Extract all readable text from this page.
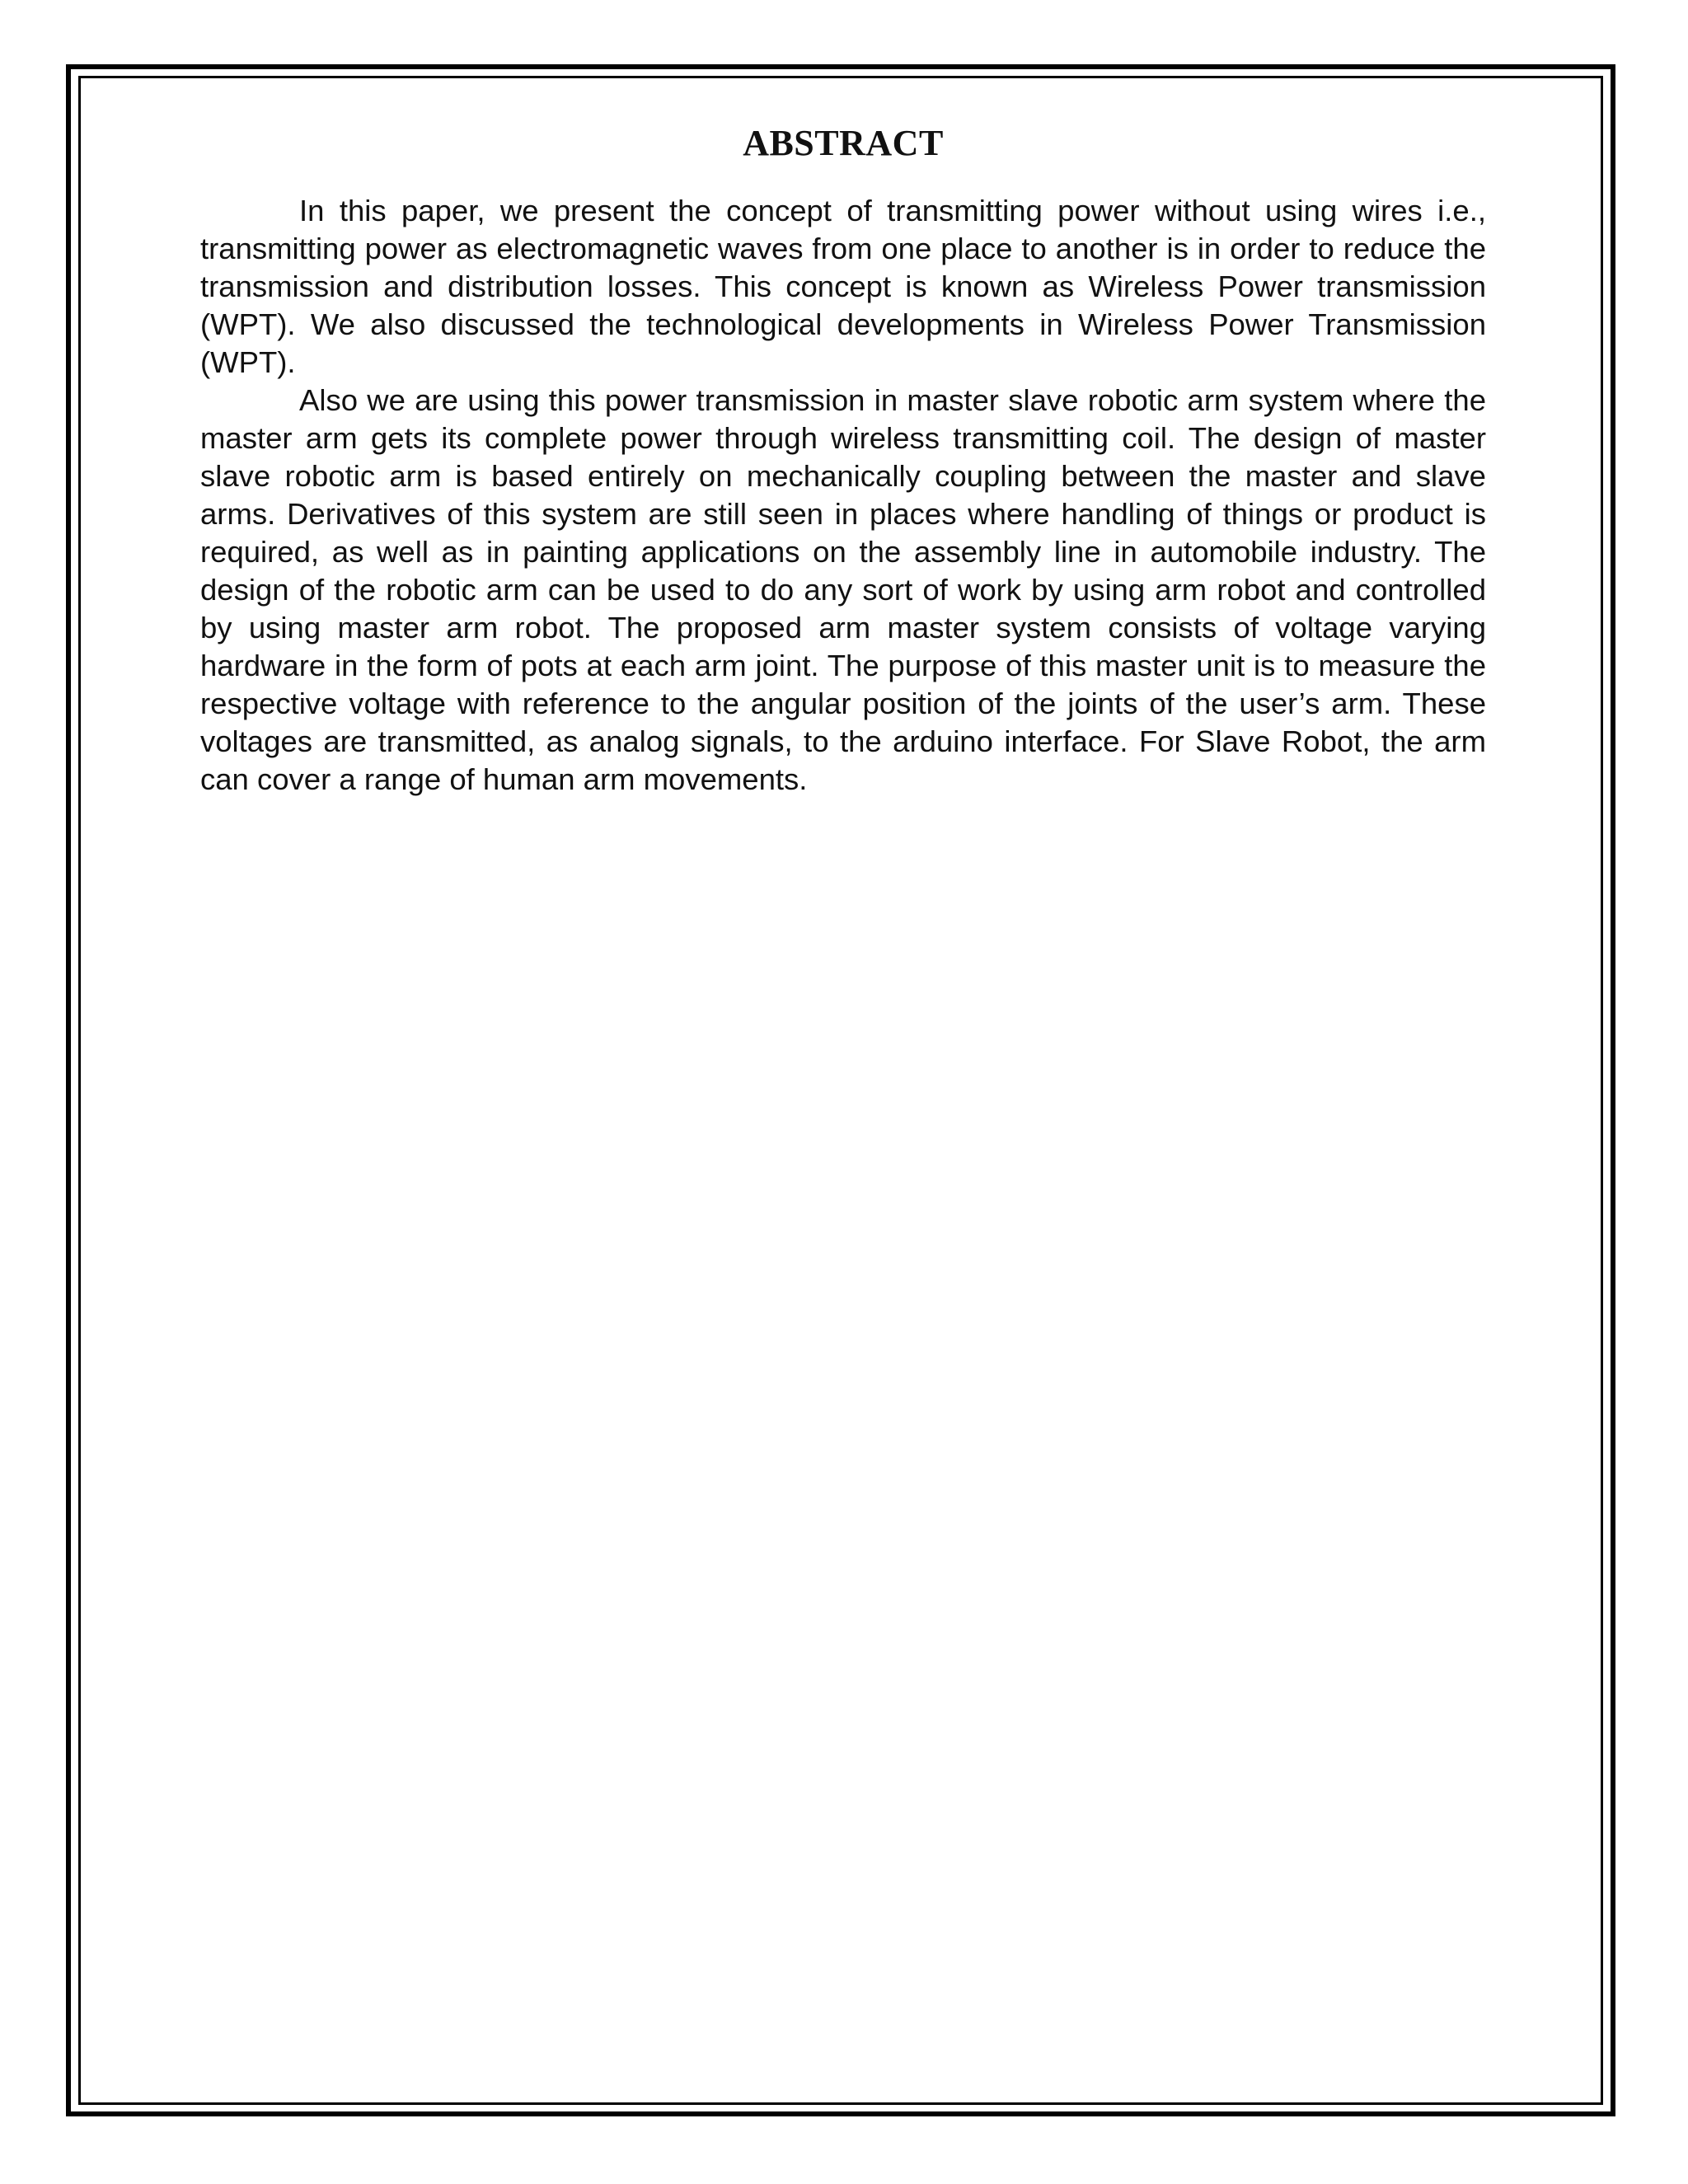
ABSTRACT

In this paper, we present the concept of transmitting power without using wires i.e., transmitting power as electromagnetic waves from one place to another is in order to reduce the transmission and distribution losses. This concept is known as Wireless Power transmission (WPT). We also discussed the technological developments in Wireless Power Transmission (WPT).

Also we are using this power transmission in master slave robotic arm system where the master arm gets its complete power through wireless transmitting coil. The design of master slave robotic arm is based entirely on mechanically coupling between the master and slave arms. Derivatives of this system are still seen in places where handling of things or product is required, as well as in painting applications on the assembly line in automobile industry. The design of the robotic arm can be used to do any sort of work by using arm robot and controlled by using master arm robot. The proposed arm master system consists of voltage varying hardware in the form of pots at each arm joint. The purpose of this master unit is to measure the respective voltage with reference to the angular position of the joints of the user’s arm. These voltages are transmitted, as analog signals, to the arduino interface. For Slave Robot, the arm can cover a range of human arm movements.
